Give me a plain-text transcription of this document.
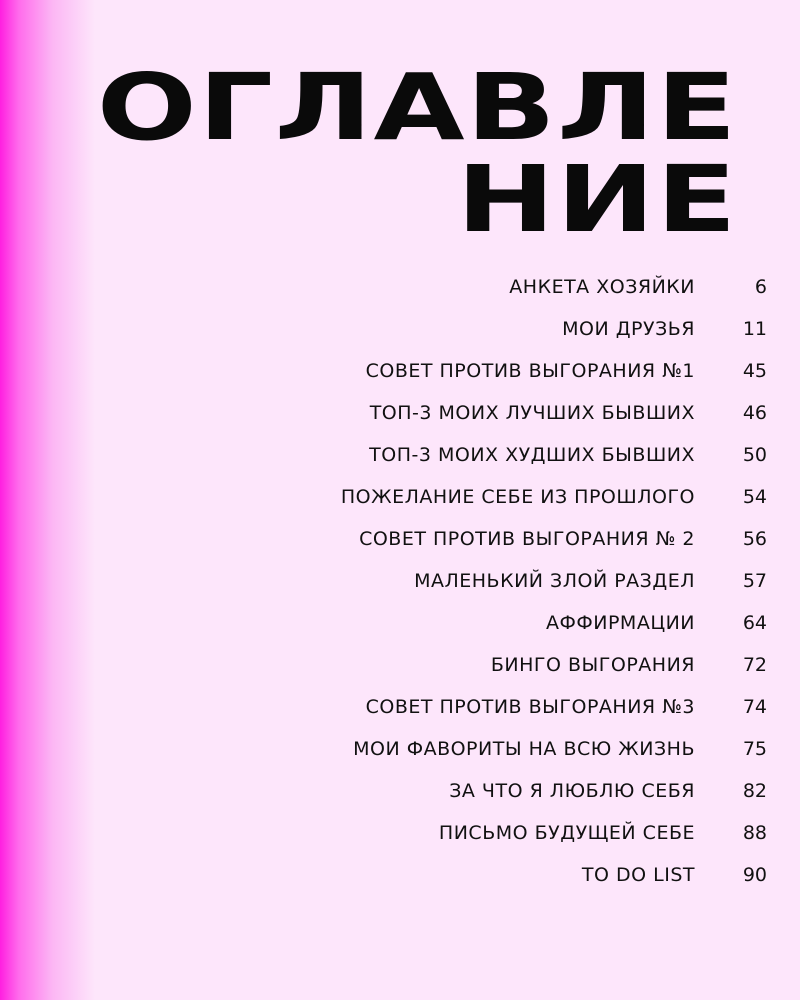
ОГЛАВЛЕ
НИЕ
АНКЕТА ХОЗЯЙКИ	6
МОИ ДРУЗЬЯ	11
СОВЕТ ПРОТИВ ВЫГОРАНИЯ №1	45
ТОП-3 МОИХ ЛУЧШИХ БЫВШИХ	46
ТОП-3 МОИХ ХУДШИХ БЫВШИХ	50
ПОЖЕЛАНИЕ СЕБЕ ИЗ ПРОШЛОГО	54
СОВЕТ ПРОТИВ ВЫГОРАНИЯ № 2	56
МАЛЕНЬКИЙ ЗЛОЙ РАЗДЕЛ	57
АФФИРМАЦИИ	64
БИНГО ВЫГОРАНИЯ	72
СОВЕТ ПРОТИВ ВЫГОРАНИЯ №3	74
МОИ ФАВОРИТЫ НА ВСЮ ЖИЗНЬ	75
ЗА ЧТО Я ЛЮБЛЮ СЕБЯ	82
ПИСЬМО БУДУЩЕЙ СЕБЕ	88
TO DO LIST	90
